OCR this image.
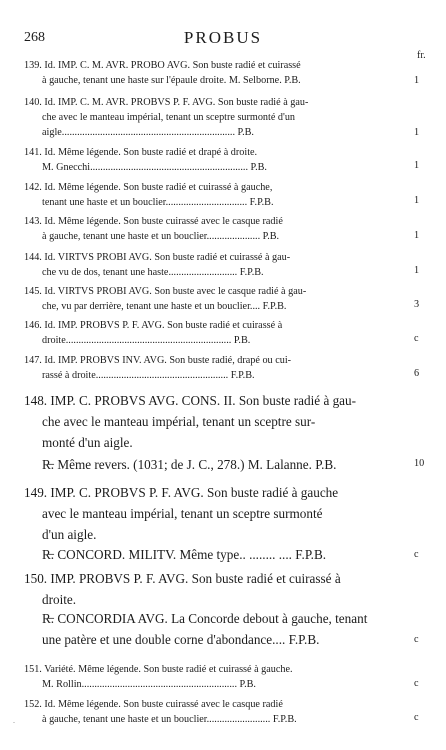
268	PROBUS
fr.
139. Id. IMP. C. M. AVR. PROBO AVG. Son buste radié et cuirassé
à gauche, tenant une haste sur l'épaule droite. M. Selborne. P.B.	1
140. Id. IMP. C. M. AVR. PROBVS P. F. AVG. Son buste radié à gau-
che avec le manteau impérial, tenant un sceptre surmonté d'un
aigle.................................................................... P.B.	1
141. Id. Même légende. Son buste radié et drapé à droite.
M. Gnecchi.............................................................. P.B.	1
142. Id. Même légende. Son buste radié et cuirassé à gauche,
tenant une haste et un bouclier................................ F.P.B.	1
143. Id. Même légende. Son buste cuirassé avec le casque radié
à gauche, tenant une haste et un bouclier..................... P.B.	1
144. Id. VIRTVS PROBI AVG. Son buste radié et cuirassé à gau-
che vu de dos, tenant une haste........................... F.P.B.	1
145. Id. VIRTVS PROBI AVG. Son buste avec le casque radié à gau-
che, vu par derrière, tenant une haste et un bouclier.... F.P.B.	3
146. Id. IMP. PROBVS P. F. AVG. Son buste radié et cuirassé à
droite................................................................. P.B.	c
147. Id. IMP. PROBVS INV. AVG. Son buste radié, drapé ou cui-
rassé à droite.................................................... F.P.B.	6
148. IMP. C. PROBVS AVG. CONS. II. Son buste radié à gau-
che avec le manteau impérial, tenant un sceptre sur-
monté d'un aigle.
R̶. Même revers. (1031; de J. C., 278.) M. Lalanne. P.B.	10
149. IMP. C. PROBVS P. F. AVG. Son buste radié à gauche
avec le manteau impérial, tenant un sceptre surmonté
d'un aigle.
R̶. CONCORD. MILITV. Même type.. ........ .... F.P.B.	c
150. IMP. PROBVS P. F. AVG. Son buste radié et cuirassé à
droite.
R̶. CONCORDIA AVG. La Concorde debout à gauche, tenant
une patère et une double corne d'abondance.... F.P.B.	c
151. Variété. Même légende. Son buste radié et cuirassé à gauche.
M. Rollin............................................................. P.B.	c
152. Id. Même légende. Son buste cuirassé avec le casque radié
à gauche, tenant une haste et un bouclier......................... F.P.B.	c
.
